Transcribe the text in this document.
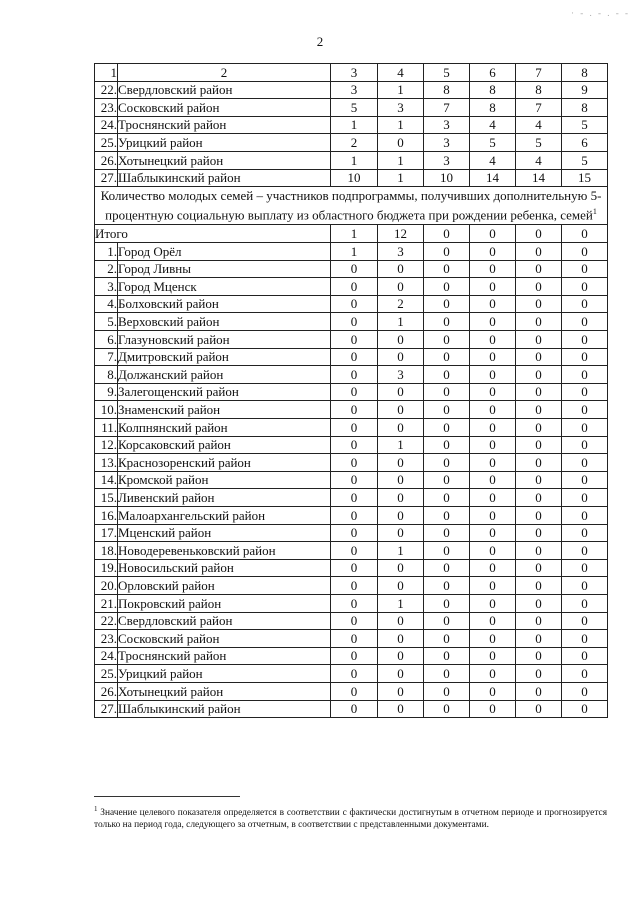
· - . - . - -
2
1	2	3	4	5	6	7	8
22.	Свердловский район	3	1	8	8	8	9
23.	Сосковский район	5	3	7	8	7	8
24.	Троснянский район	1	1	3	4	4	5
25.	Урицкий район	2	0	3	5	5	6
26.	Хотынецкий район	1	1	3	4	4	5
27.	Шаблыкинский район	10	1	10	14	14	15
Количество молодых семей – участников подпрограммы, получивших дополнительную 5-процентную социальную выплату из областного бюджета при рождении ребенка, семей$^1$
Итого		1	12	0	0	0	0
1.	Город Орёл	1	3	0	0	0	0
2.	Город Ливны	0	0	0	0	0	0
3.	Город Мценск	0	0	0	0	0	0
4.	Болховский район	0	2	0	0	0	0
5.	Верховский район	0	1	0	0	0	0
6.	Глазуновский район	0	0	0	0	0	0
7.	Дмитровский район	0	0	0	0	0	0
8.	Должанский район	0	3	0	0	0	0
9.	Залегощенский район	0	0	0	0	0	0
10.	Знаменский район	0	0	0	0	0	0
11.	Колпнянский район	0	0	0	0	0	0
12.	Корсаковский район	0	1	0	0	0	0
13.	Краснозоренский район	0	0	0	0	0	0
14.	Кромской район	0	0	0	0	0	0
15.	Ливенский район	0	0	0	0	0	0
16.	Малоархангельский район	0	0	0	0	0	0
17.	Мценский район	0	0	0	0	0	0
18.	Новодеревеньковский район	0	1	0	0	0	0
19.	Новосильский район	0	0	0	0	0	0
20.	Орловский район	0	0	0	0	0	0
21.	Покровский район	0	1	0	0	0	0
22.	Свердловский район	0	0	0	0	0	0
23.	Сосковский район	0	0	0	0	0	0
24.	Троснянский район	0	0	0	0	0	0
25.	Урицкий район	0	0	0	0	0	0
26.	Хотынецкий район	0	0	0	0	0	0
27.	Шаблыкинский район	0	0	0	0	0	0
$^1$ Значение целевого показателя определяется в соответствии с фактически достигнутым в отчетном периоде и прогнозируется только на период года, следующего за отчетным, в соответствии с представленными документами.
